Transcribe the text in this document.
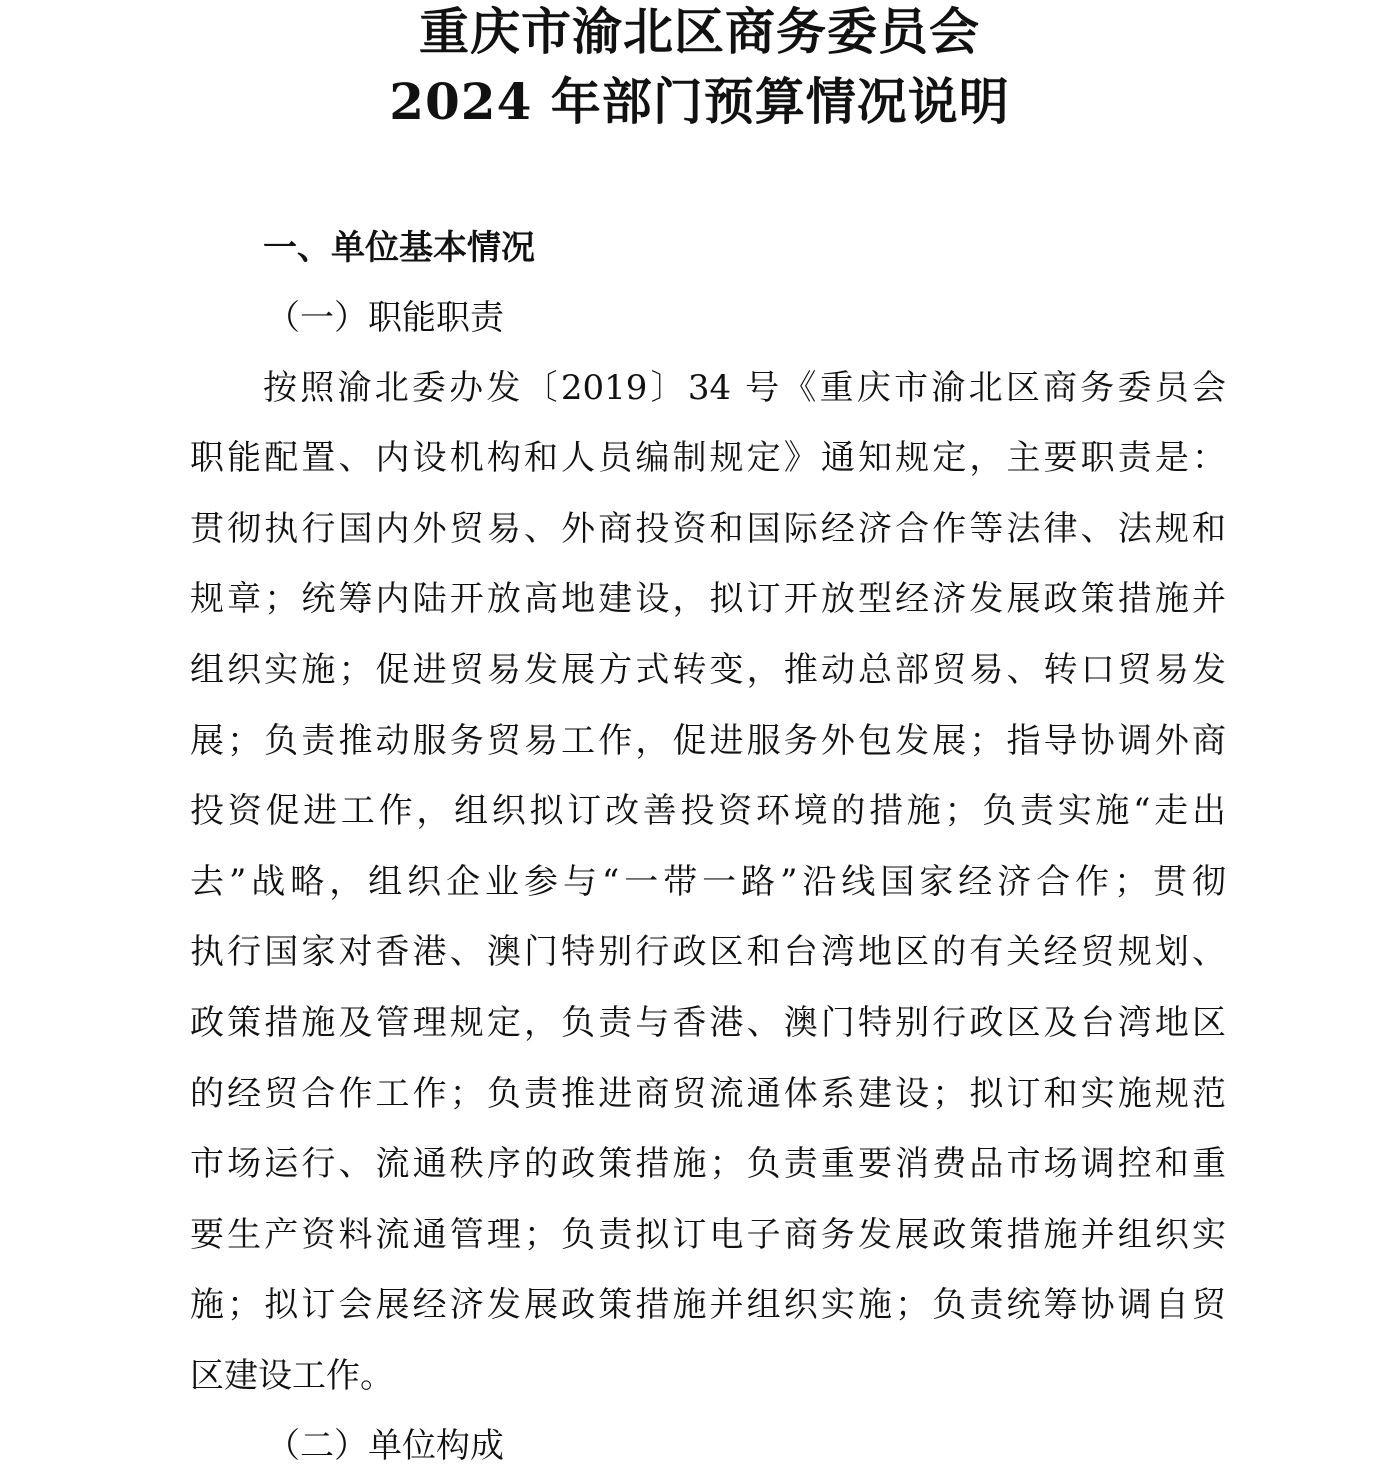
重庆市渝北区商务委员会
2024 年部门预算情况说明
一、单位基本情况
（一）职能职责
按照渝北委办发〔2019〕34 号《重庆市渝北区商务委员会
职能配置、内设机构和人员编制规定》通知规定，主要职责是：
贯彻执行国内外贸易、外商投资和国际经济合作等法律、法规和
规章；统筹内陆开放高地建设，拟订开放型经济发展政策措施并
组织实施；促进贸易发展方式转变，推动总部贸易、转口贸易发
展；负责推动服务贸易工作，促进服务外包发展；指导协调外商
投资促进工作，组织拟订改善投资环境的措施；负责实施“走出
去”战略，组织企业参与“一带一路”沿线国家经济合作；贯彻
执行国家对香港、澳门特别行政区和台湾地区的有关经贸规划、
政策措施及管理规定，负责与香港、澳门特别行政区及台湾地区
的经贸合作工作；负责推进商贸流通体系建设；拟订和实施规范
市场运行、流通秩序的政策措施；负责重要消费品市场调控和重
要生产资料流通管理；负责拟订电子商务发展政策措施并组织实
施；拟订会展经济发展政策措施并组织实施；负责统筹协调自贸
区建设工作。
（二）单位构成
